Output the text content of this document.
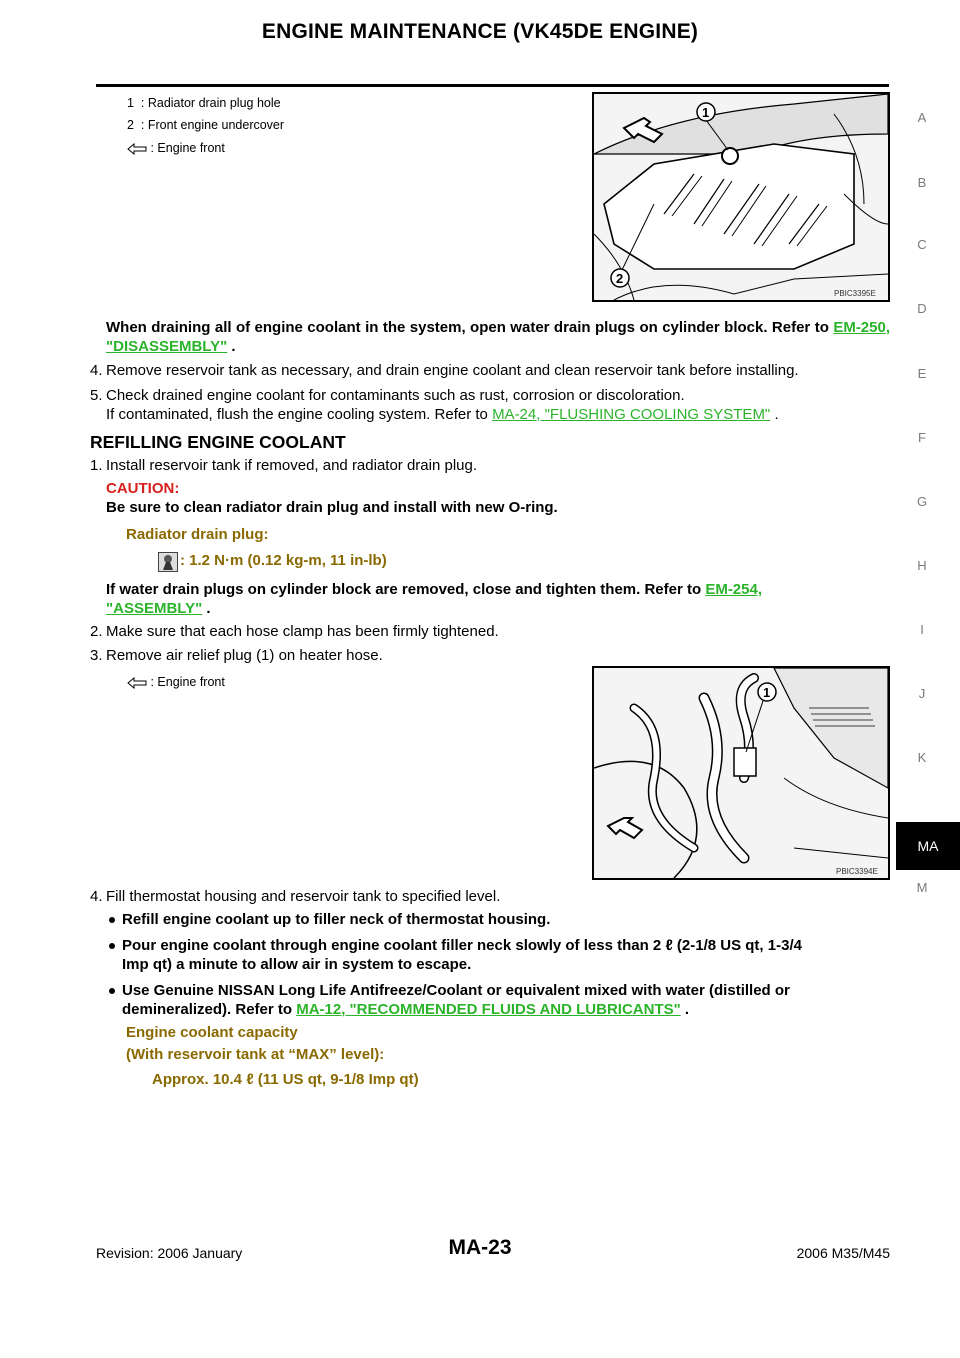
ENGINE MAINTENANCE (VK45DE ENGINE)
A
B
C
D
E
F
G
H
I
J
K
MA
M
1 : Radiator drain plug hole
2 : Front engine undercover
: Engine front
1
2
PBIC3395E
When draining all of engine coolant in the system, open water drain plugs on cylinder block. Refer to EM-250, "DISASSEMBLY" .
4. Remove reservoir tank as necessary, and drain engine coolant and clean reservoir tank before installing.
5. Check drained engine coolant for contaminants such as rust, corrosion or discoloration.
If contaminated, flush the engine cooling system. Refer to MA-24, "FLUSHING COOLING SYSTEM" .
REFILLING ENGINE COOLANT
1. Install reservoir tank if removed, and radiator drain plug.
CAUTION:
Be sure to clean radiator drain plug and install with new O-ring.
Radiator drain plug:
: 1.2 N·m (0.12 kg-m, 11 in-lb)
If water drain plugs on cylinder block are removed, close and tighten them. Refer to EM-254,
"ASSEMBLY" .
2. Make sure that each hose clamp has been firmly tightened.
3. Remove air relief plug (1) on heater hose.
: Engine front
1
PBIC3394E
4. Fill thermostat housing and reservoir tank to specified level.
Refill engine coolant up to filler neck of thermostat housing.
Pour engine coolant through engine coolant filler neck slowly of less than 2 ℓ (2-1/8 US qt, 1-3/4
Imp qt) a minute to allow air in system to escape.
Use Genuine NISSAN Long Life Antifreeze/Coolant or equivalent mixed with water (distilled or
demineralized). Refer to MA-12, "RECOMMENDED FLUIDS AND LUBRICANTS" .
Engine coolant capacity
(With reservoir tank at “MAX” level):
Approx. 10.4 ℓ (11 US qt, 9-1/8 Imp qt)
Revision: 2006 January	MA-23	2006 M35/M45
